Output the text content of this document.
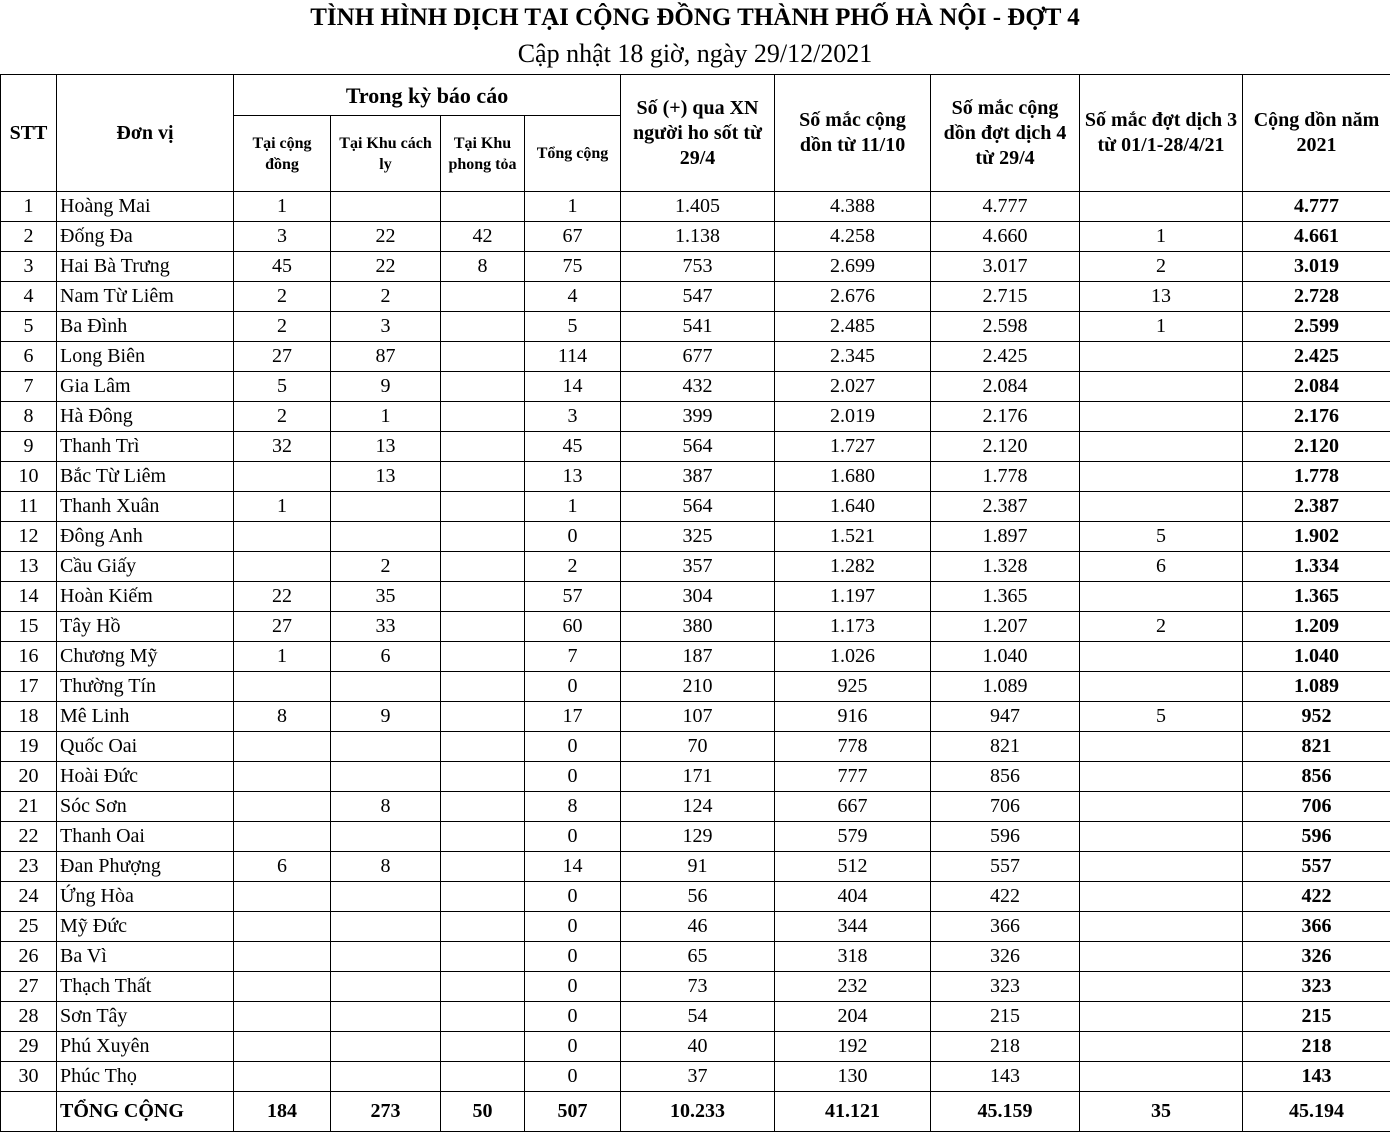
TÌNH HÌNH DỊCH TẠI CỘNG ĐỒNG THÀNH PHỐ HÀ NỘI - ĐỢT 4
Cập nhật 18 giờ, ngày 29/12/2021
STT	Đơn vị	Trong kỳ báo cáo				Số (+) qua XN người ho sốt từ 29/4	Số mắc cộng dồn từ 11/10	Số mắc cộng dồn đợt dịch 4 từ 29/4	Số mắc đợt dịch 3 từ 01/1-28/4/21	Cộng dồn năm 2021
		Tại cộng đồng	Tại Khu cách ly	Tại Khu phong tỏa	Tổng cộng					
1	Hoàng Mai	1			1	1.405	4.388	4.777		4.777
2	Đống Đa	3	22	42	67	1.138	4.258	4.660	1	4.661
3	Hai Bà Trưng	45	22	8	75	753	2.699	3.017	2	3.019
4	Nam Từ Liêm	2	2		4	547	2.676	2.715	13	2.728
5	Ba Đình	2	3		5	541	2.485	2.598	1	2.599
6	Long Biên	27	87		114	677	2.345	2.425		2.425
7	Gia Lâm	5	9		14	432	2.027	2.084		2.084
8	Hà Đông	2	1		3	399	2.019	2.176		2.176
9	Thanh Trì	32	13		45	564	1.727	2.120		2.120
10	Bắc Từ Liêm		13		13	387	1.680	1.778		1.778
11	Thanh Xuân	1			1	564	1.640	2.387		2.387
12	Đông Anh				0	325	1.521	1.897	5	1.902
13	Cầu Giấy		2		2	357	1.282	1.328	6	1.334
14	Hoàn Kiếm	22	35		57	304	1.197	1.365		1.365
15	Tây Hồ	27	33		60	380	1.173	1.207	2	1.209
16	Chương Mỹ	1	6		7	187	1.026	1.040		1.040
17	Thường Tín				0	210	925	1.089		1.089
18	Mê Linh	8	9		17	107	916	947	5	952
19	Quốc Oai				0	70	778	821		821
20	Hoài Đức				0	171	777	856		856
21	Sóc Sơn		8		8	124	667	706		706
22	Thanh Oai				0	129	579	596		596
23	Đan Phượng	6	8		14	91	512	557		557
24	Ứng Hòa				0	56	404	422		422
25	Mỹ Đức				0	46	344	366		366
26	Ba Vì				0	65	318	326		326
27	Thạch Thất				0	73	232	323		323
28	Sơn Tây				0	54	204	215		215
29	Phú Xuyên				0	40	192	218		218
30	Phúc Thọ				0	37	130	143		143
	TỔNG CỘNG	184	273	50	507	10.233	41.121	45.159	35	45.194
